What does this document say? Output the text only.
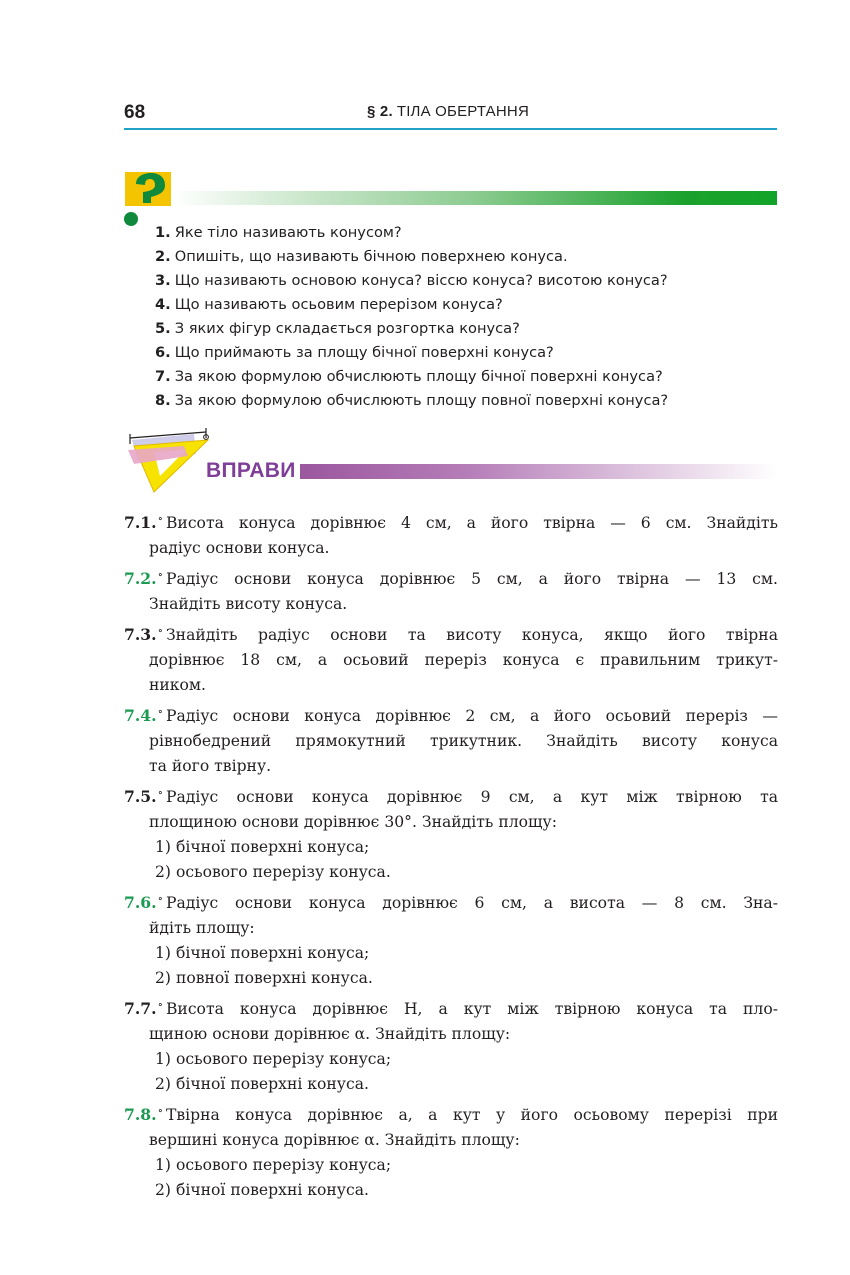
68	§ 2. ТІЛА ОБЕРТАННЯ
1. Яке тіло називають конусом?
2. Опишіть, що називають бічною поверхнею конуса.
3. Що називають основою конуса? віссю конуса? висотою конуса?
4. Що називають осьовим перерізом конуса?
5. З яких фігур складається розгортка конуса?
6. Що приймають за площу бічної поверхні конуса?
7. За якою формулою обчислюють площу бічної поверхні конуса?
8. За якою формулою обчислюють площу повної поверхні конуса?
ВПРАВИ
7.1.∘ Висота конуса дорівнює 4 см, а його твірна — 6 см. Знайдіть
радіус основи конуса.
7.2.∘ Радіус основи конуса дорівнює 5 см, а його твірна — 13 см.
Знайдіть висоту конуса.
7.3.∘ Знайдіть радіус основи та висоту конуса, якщо його твірна
дорівнює 18 см, а осьовий переріз конуса є правильним трикут-
ником.
7.4.∘ Радіус основи конуса дорівнює 2 см, а його осьовий переріз —
рівнобедрений прямокутний трикутник. Знайдіть висоту конуса
та його твірну.
7.5.∘ Радіус основи конуса дорівнює 9 см, а кут між твірною та
площиною основи дорівнює 30°. Знайдіть площу:
1) бічної поверхні конуса;
2) осьового перерізу конуса.
7.6.∘ Радіус основи конуса дорівнює 6 см, а висота — 8 см. Зна-
йдіть площу:
1) бічної поверхні конуса;
2) повної поверхні конуса.
7.7.∘ Висота конуса дорівнює H, а кут між твірною конуса та пло-
щиною основи дорівнює α. Знайдіть площу:
1) осьового перерізу конуса;
2) бічної поверхні конуса.
7.8.∘ Твірна конуса дорівнює a, а кут у його осьовому перерізі при
вершині конуса дорівнює α. Знайдіть площу:
1) осьового перерізу конуса;
2) бічної поверхні конуса.
